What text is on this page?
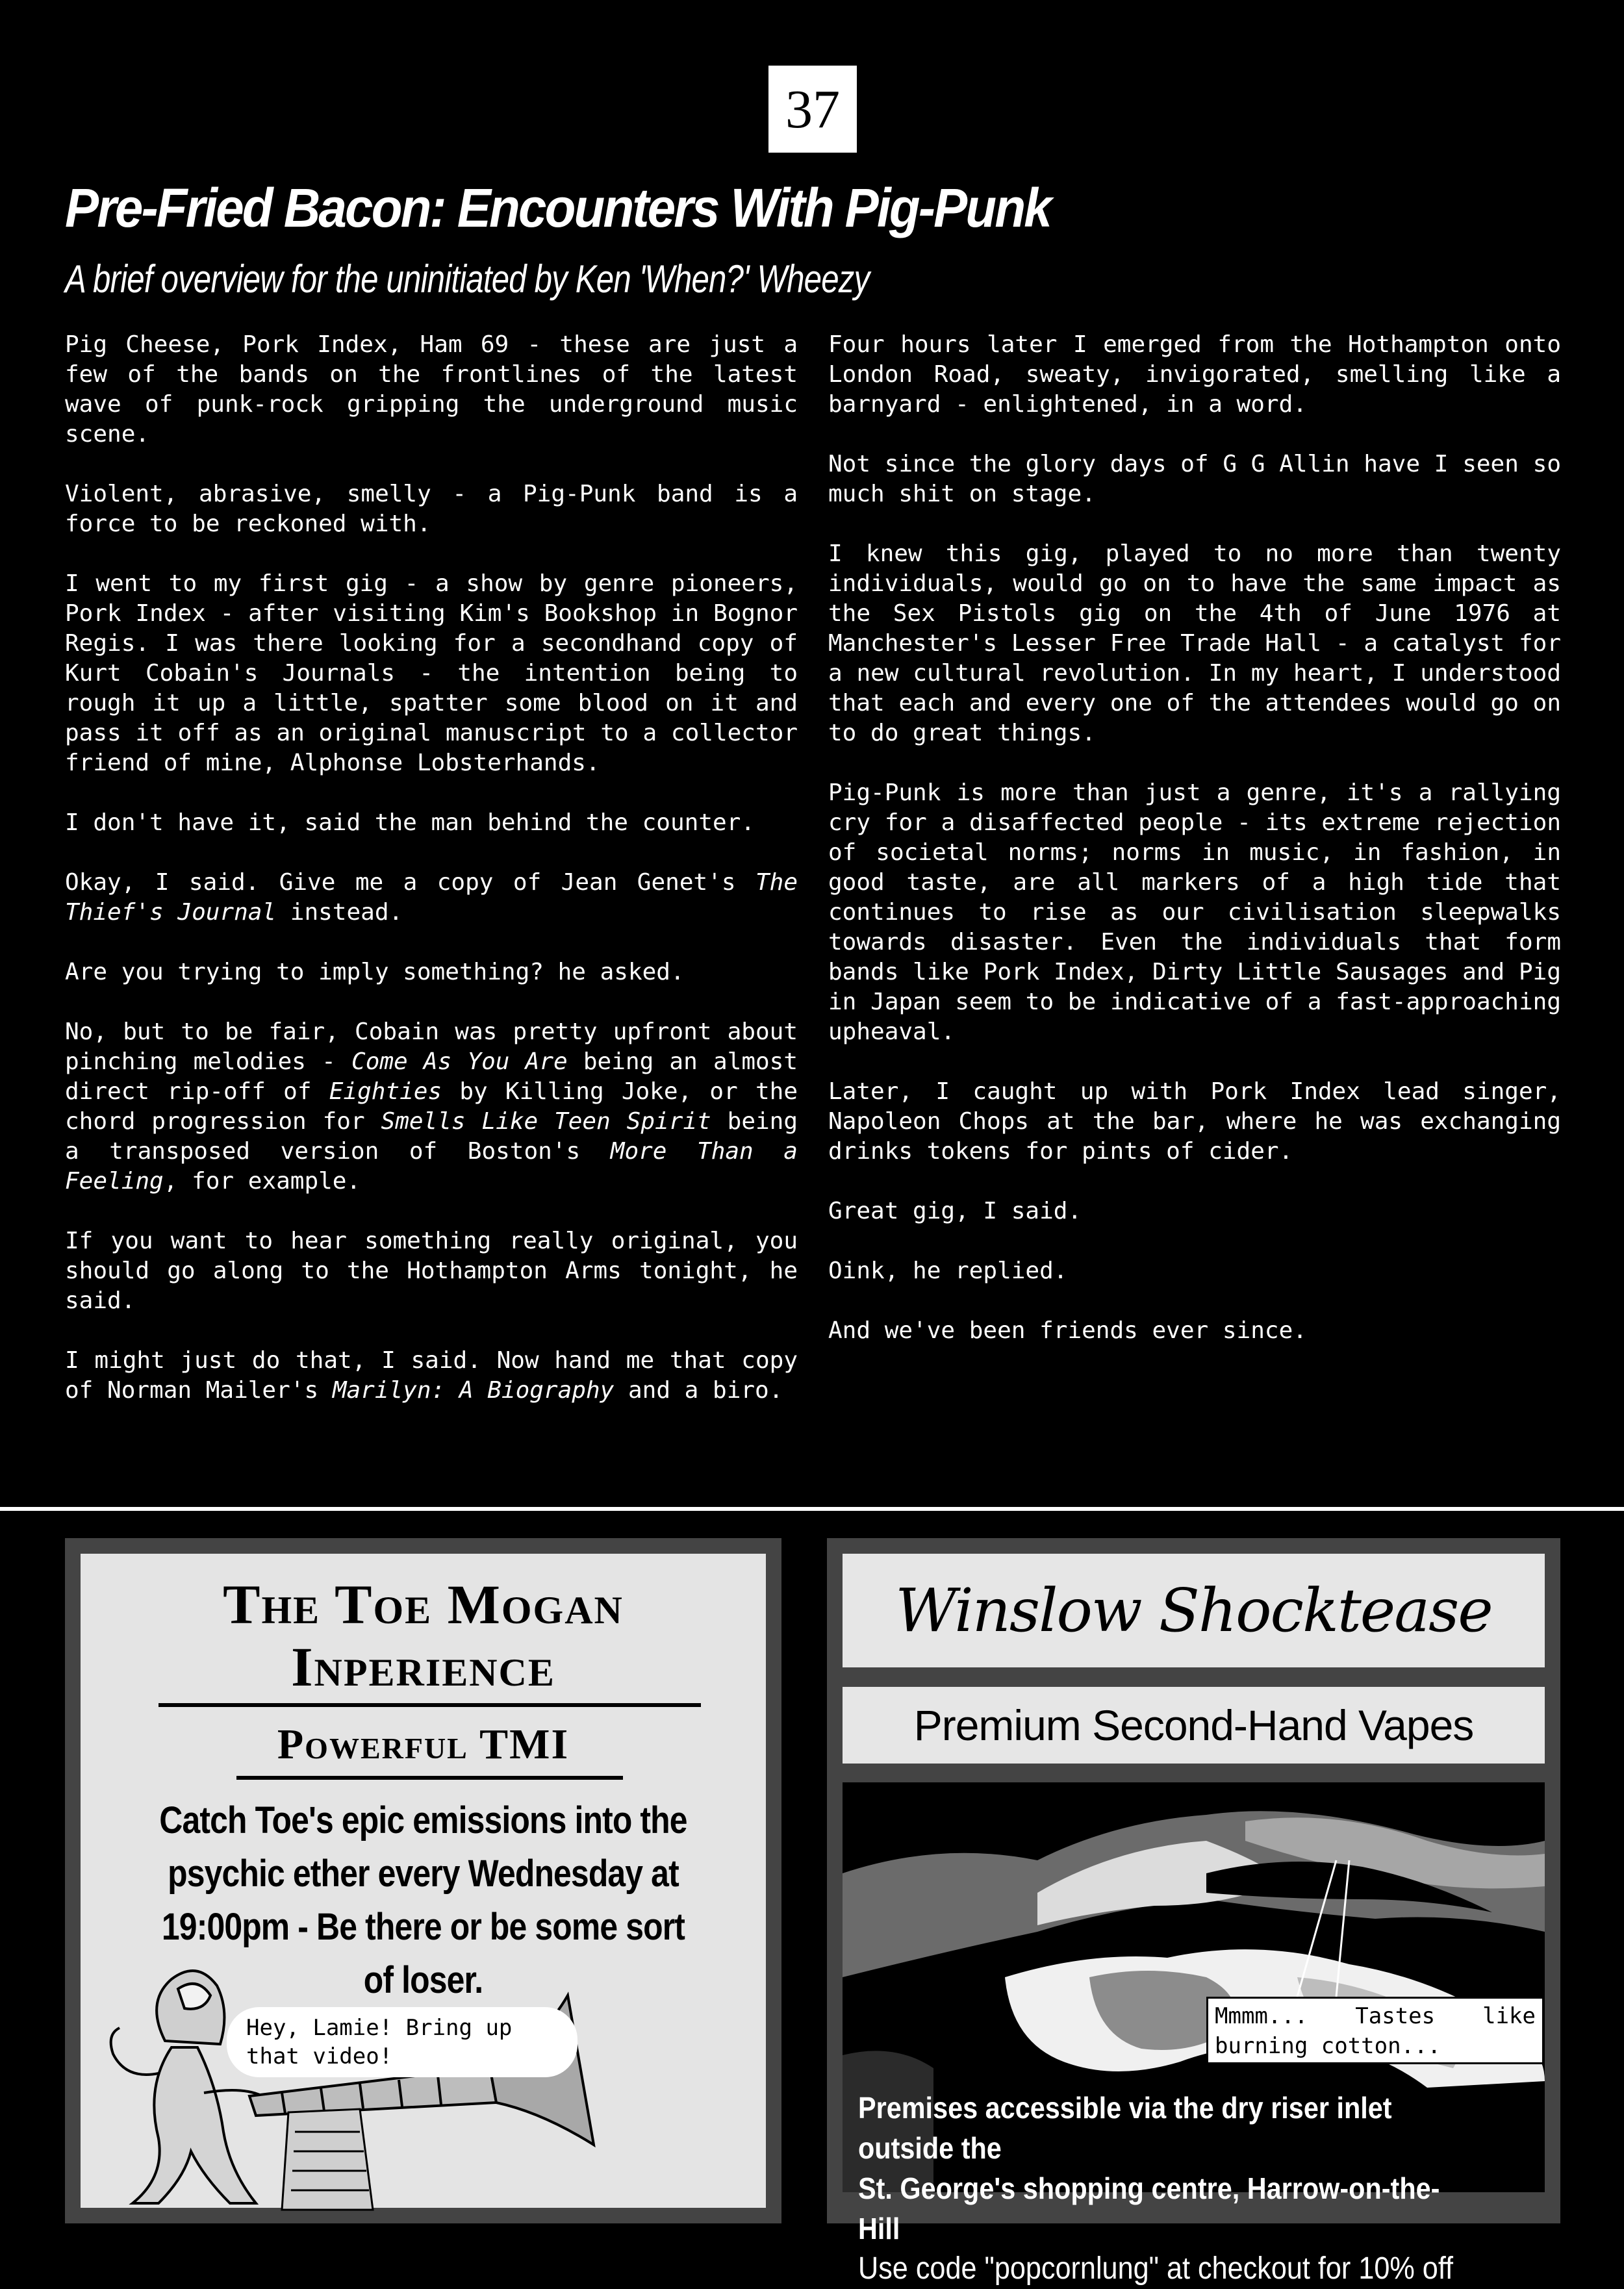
37
Pre-Fried Bacon: Encounters With Pig-Punk
A brief overview for the uninitiated by Ken 'When?' Wheezy

Pig Cheese, Pork Index, Ham 69 - these are just a few of the bands on the frontlines of the latest wave of punk-rock gripping the underground music scene.

Violent, abrasive, smelly - a Pig-Punk band is a force to be reckoned with.

I went to my first gig - a show by genre pioneers, Pork Index - after visiting Kim's Bookshop in Bognor Regis. I was there looking for a secondhand copy of Kurt Cobain's Journals - the intention being to rough it up a little, spatter some blood on it and pass it off as an original manuscript to a collector friend of mine, Alphonse Lobsterhands.

I don't have it, said the man behind the counter.

Okay, I said. Give me a copy of Jean Genet's The Thief's Journal instead.

Are you trying to imply something? he asked.

No, but to be fair, Cobain was pretty upfront about pinching melodies - Come As You Are being an almost direct rip-off of Eighties by Killing Joke, or the chord progression for Smells Like Teen Spirit being a transposed version of Boston's More Than a Feeling, for example.

If you want to hear something really original, you should go along to the Hothampton Arms tonight, he said.

I might just do that, I said. Now hand me that copy of Norman Mailer's Marilyn: A Biography and a biro.

Four hours later I emerged from the Hothampton onto London Road, sweaty, invigorated, smelling like a barnyard - enlightened, in a word.

Not since the glory days of G G Allin have I seen so much shit on stage.

I knew this gig, played to no more than twenty individuals, would go on to have the same impact as the Sex Pistols gig on the 4th of June 1976 at Manchester's Lesser Free Trade Hall - a catalyst for a new cultural revolution. In my heart, I understood that each and every one of the attendees would go on to do great things.

Pig-Punk is more than just a genre, it's a rallying cry for a disaffected people - its extreme rejection of societal norms; norms in music, in fashion, in good taste, are all markers of a high tide that continues to rise as our civilisation sleepwalks towards disaster. Even the individuals that form bands like Pork Index, Dirty Little Sausages and Pig in Japan seem to be indicative of a fast-approaching upheaval.

Later, I caught up with Pork Index lead singer, Napoleon Chops at the bar, where he was exchanging drinks tokens for pints of cider.

Great gig, I said.

Oink, he replied.

And we've been friends ever since.

The Toe Mogan
Inperience
Powerful TMI
Catch Toe's epic emissions into the psychic ether every Wednesday at 19:00pm - Be there or be some sort of loser.
Hey, Lamie! Bring up that video!
Winslow Shocktease
Premium Second-Hand Vapes
Mmmm... Tastes like burning cotton...
Premises accessible via the dry riser inlet outside the
St. George's shopping centre, Harrow-on-the-Hill
Use code "popcornlung" at checkout for 10% off
